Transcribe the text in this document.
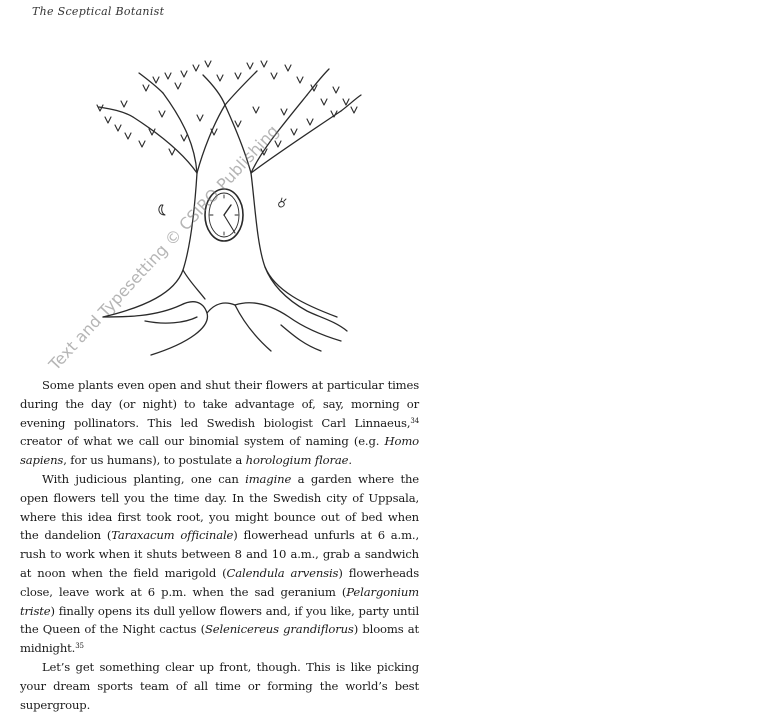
The Sceptical Botanist
Text and Typesetting © CSIRO Publishing

Some plants even open and shut their flowers at particular times during the day (or night) to take advantage of, say, morning or evening pollinators. This led Swedish biologist Carl Linnaeus,$^{34}$ creator of what we call our binomial system of naming (e.g. Homo sapiens, for us humans), to postulate a horologium florae.

With judicious planting, one can imagine a garden where the open flowers tell you the time day. In the Swedish city of Uppsala, where this idea first took root, you might bounce out of bed when the dandelion (Taraxacum officinale) flowerhead unfurls at 6 a.m., rush to work when it shuts between 8 and 10 a.m., grab a sandwich at noon when the field marigold (Calendula arvensis) flowerheads close, leave work at 6 p.m. when the sad geranium (Pelargonium triste) finally opens its dull yellow flowers and, if you like, party until the Queen of the Night cactus (Selenicereus grandiflorus) blooms at midnight.$^{35}$

Let’s get something clear up front, though. This is like picking your dream sports team of all time or forming the world’s best supergroup.
